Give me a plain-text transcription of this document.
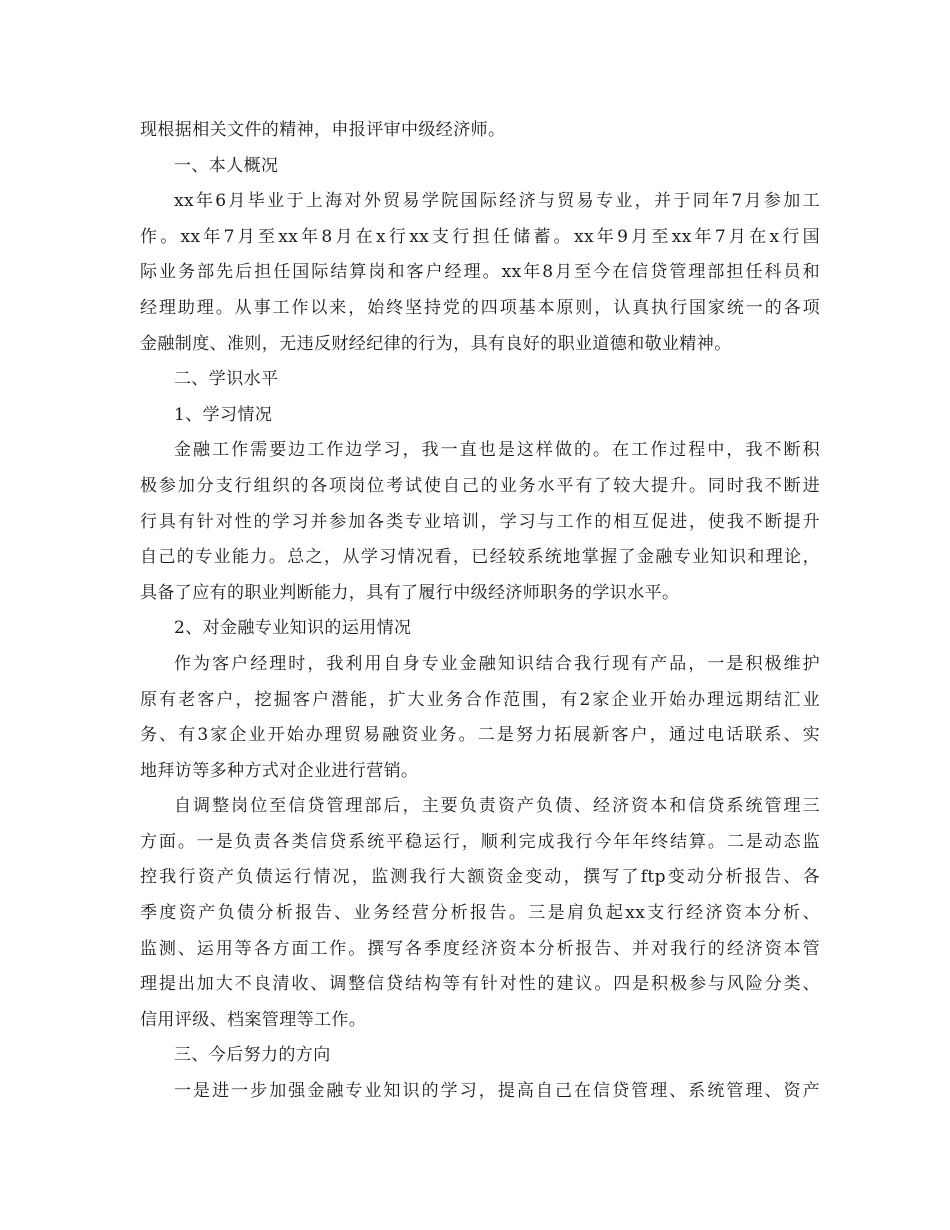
现根据相关文件的精神，申报评审中级经济师。
一、本人概况
xx年6月毕业于上海对外贸易学院国际经济与贸易专业，并于同年7月参加工
作。xx年7月至xx年8月在x行xx支行担任储蓄。xx年9月至xx年7月在x行国
际业务部先后担任国际结算岗和客户经理。xx年8月至今在信贷管理部担任科员和
经理助理。从事工作以来，始终坚持党的四项基本原则，认真执行国家统一的各项
金融制度、准则，无违反财经纪律的行为，具有良好的职业道德和敬业精神。
二、学识水平
1、学习情况
金融工作需要边工作边学习，我一直也是这样做的。在工作过程中，我不断积
极参加分支行组织的各项岗位考试使自己的业务水平有了较大提升。同时我不断进
行具有针对性的学习并参加各类专业培训，学习与工作的相互促进，使我不断提升
自己的专业能力。总之，从学习情况看，已经较系统地掌握了金融专业知识和理论，
具备了应有的职业判断能力，具有了履行中级经济师职务的学识水平。
2、对金融专业知识的运用情况
作为客户经理时，我利用自身专业金融知识结合我行现有产品，一是积极维护
原有老客户，挖掘客户潜能，扩大业务合作范围，有2家企业开始办理远期结汇业
务、有3家企业开始办理贸易融资业务。二是努力拓展新客户，通过电话联系、实
地拜访等多种方式对企业进行营销。
自调整岗位至信贷管理部后，主要负责资产负债、经济资本和信贷系统管理三
方面。一是负责各类信贷系统平稳运行，顺利完成我行今年年终结算。二是动态监
控我行资产负债运行情况，监测我行大额资金变动，撰写了ftp变动分析报告、各
季度资产负债分析报告、业务经营分析报告。三是肩负起xx支行经济资本分析、
监测、运用等各方面工作。撰写各季度经济资本分析报告、并对我行的经济资本管
理提出加大不良清收、调整信贷结构等有针对性的建议。四是积极参与风险分类、
信用评级、档案管理等工作。
三、今后努力的方向
一是进一步加强金融专业知识的学习，提高自己在信贷管理、系统管理、资产
